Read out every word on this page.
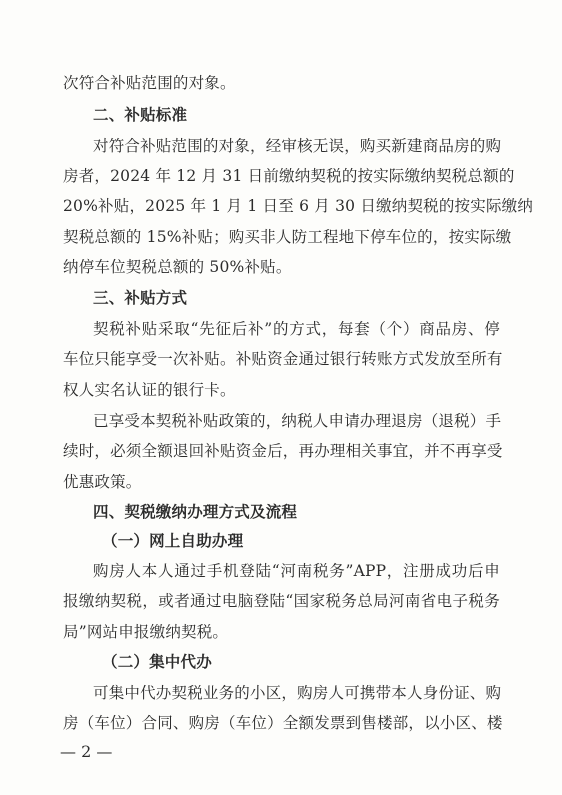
次符合补贴范围的对象。
二、补贴标准
对符合补贴范围的对象，经审核无误，购买新建商品房的购
房者，2024 年 12 月 31 日前缴纳契税的按实际缴纳契税总额的
20%补贴，2025 年 1 月 1 日至 6 月 30 日缴纳契税的按实际缴纳
契税总额的 15%补贴；购买非人防工程地下停车位的，按实际缴
纳停车位契税总额的 50%补贴。
三、补贴方式
契税补贴采取“先征后补”的方式，每套（个）商品房、停
车位只能享受一次补贴。补贴资金通过银行转账方式发放至所有
权人实名认证的银行卡。
已享受本契税补贴政策的，纳税人申请办理退房（退税）手
续时，必须全额退回补贴资金后，再办理相关事宜，并不再享受
优惠政策。
四、契税缴纳办理方式及流程
（一）网上自助办理
购房人本人通过手机登陆“河南税务”APP，注册成功后申
报缴纳契税，或者通过电脑登陆“国家税务总局河南省电子税务
局”网站申报缴纳契税。
（二）集中代办
可集中代办契税业务的小区，购房人可携带本人身份证、购
房（车位）合同、购房（车位）全额发票到售楼部，以小区、楼
— 2 —
